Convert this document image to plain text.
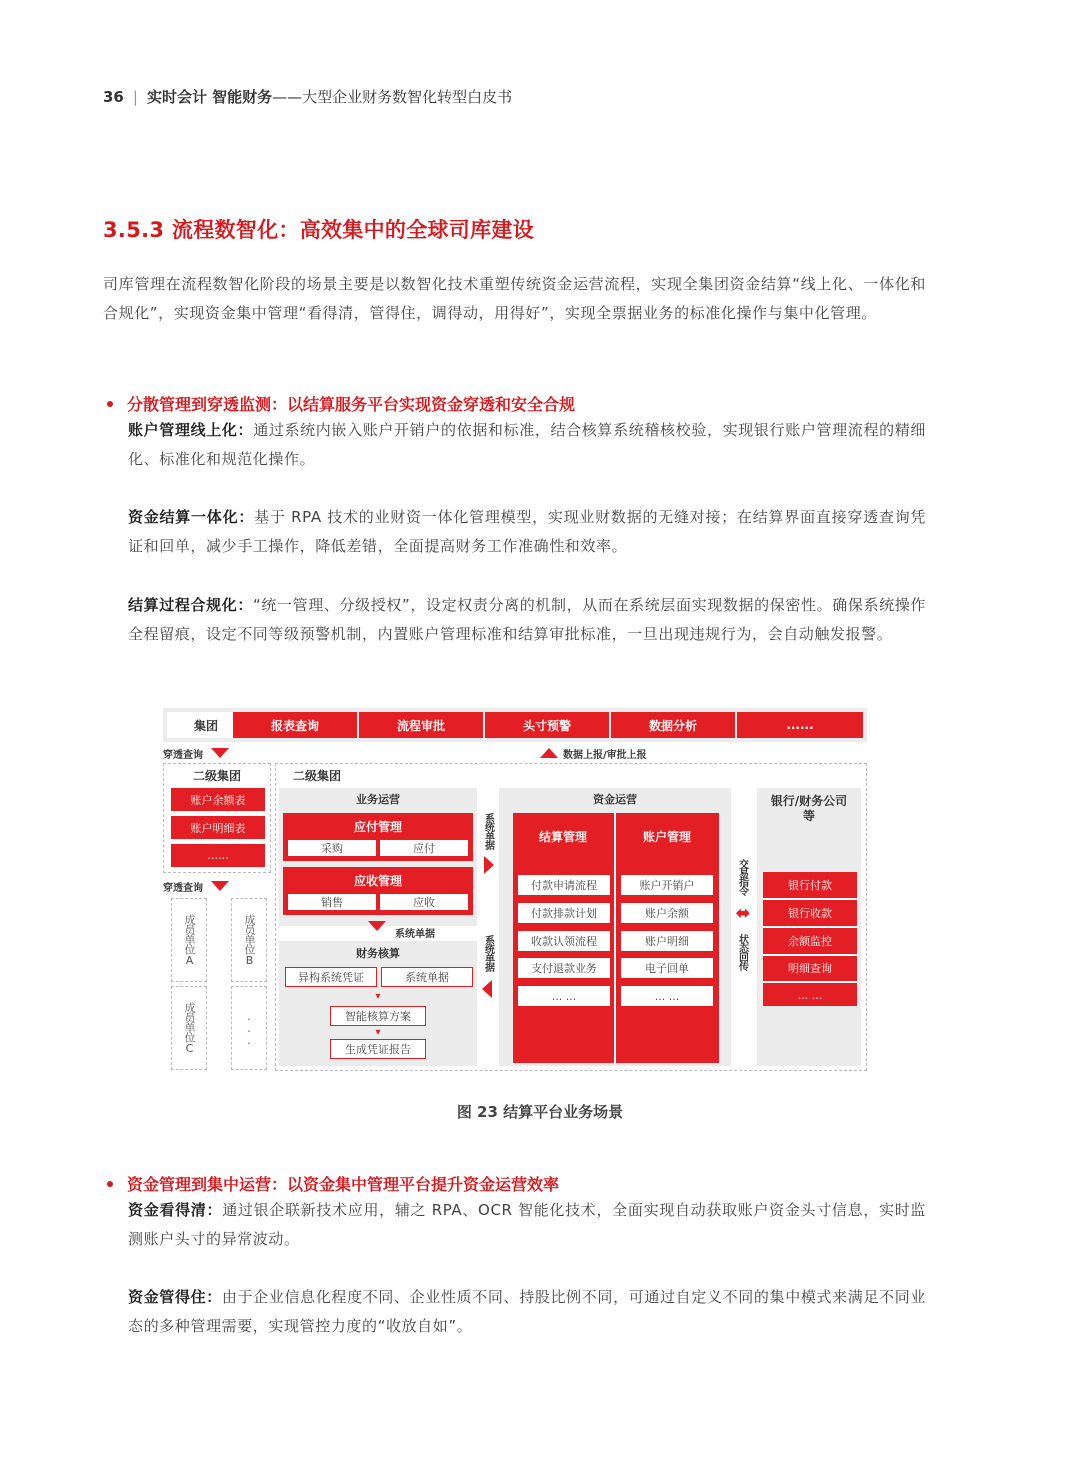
36 | 实时会计 智能财务——大型企业财务数智化转型白皮书
3.5.3 流程数智化：高效集中的全球司库建设
司库管理在流程数智化阶段的场景主要是以数智化技术重塑传统资金运营流程，实现全集团资金结算“线上化、一体化和合规化”，实现资金集中管理“看得清，管得住，调得动，用得好”，实现全票据业务的标准化操作与集中化管理。
分散管理到穿透监测：以结算服务平台实现资金穿透和安全合规
账户管理线上化：通过系统内嵌入账户开销户的依据和标准，结合核算系统稽核校验，实现银行账户管理流程的精细化、标准化和规范化操作。
资金结算一体化：基于 RPA 技术的业财资一体化管理模型，实现业财数据的无缝对接；在结算界面直接穿透查询凭证和回单，减少手工操作，降低差错，全面提高财务工作准确性和效率。
结算过程合规化：“统一管理、分级授权”，设定权责分离的机制，从而在系统层面实现数据的保密性。确保系统操作全程留痕，设定不同等级预警机制，内置账户管理标准和结算审批标准，一旦出现违规行为，会自动触发报警。
集团	报表查询	流程审批	头寸预警	数据分析	......
穿透查询	数据上报/审批上报
二级集团
账户余额表
账户明细表
......
穿透查询
成员单位A
成员单位C
成员单位B
...
二级集团
业务运营
应付管理
采购	应付
应收管理
销售	应收
系统单据
财务核算
异构系统凭证	系统单据
▾
智能核算方案
▾
生成凭证报告
系统单据
系统单据
资金运营
结算管理	账户管理
付款申请流程
付款排款计划
收款认领流程
支付退款业务
... ...
账户开销户
账户余额
账户明细
电子回单
... ...
交易指令
⬌
状态回传
银行/财务公司等
银行付款
银行收款
余额监控
明细查询
... ...
图 23 结算平台业务场景
资金管理到集中运营：以资金集中管理平台提升资金运营效率
资金看得清：通过银企联新技术应用，辅之 RPA、OCR 智能化技术，全面实现自动获取账户资金头寸信息，实时监测账户头寸的异常波动。
资金管得住：由于企业信息化程度不同、企业性质不同、持股比例不同，可通过自定义不同的集中模式来满足不同业态的多种管理需要，实现管控力度的“收放自如”。
